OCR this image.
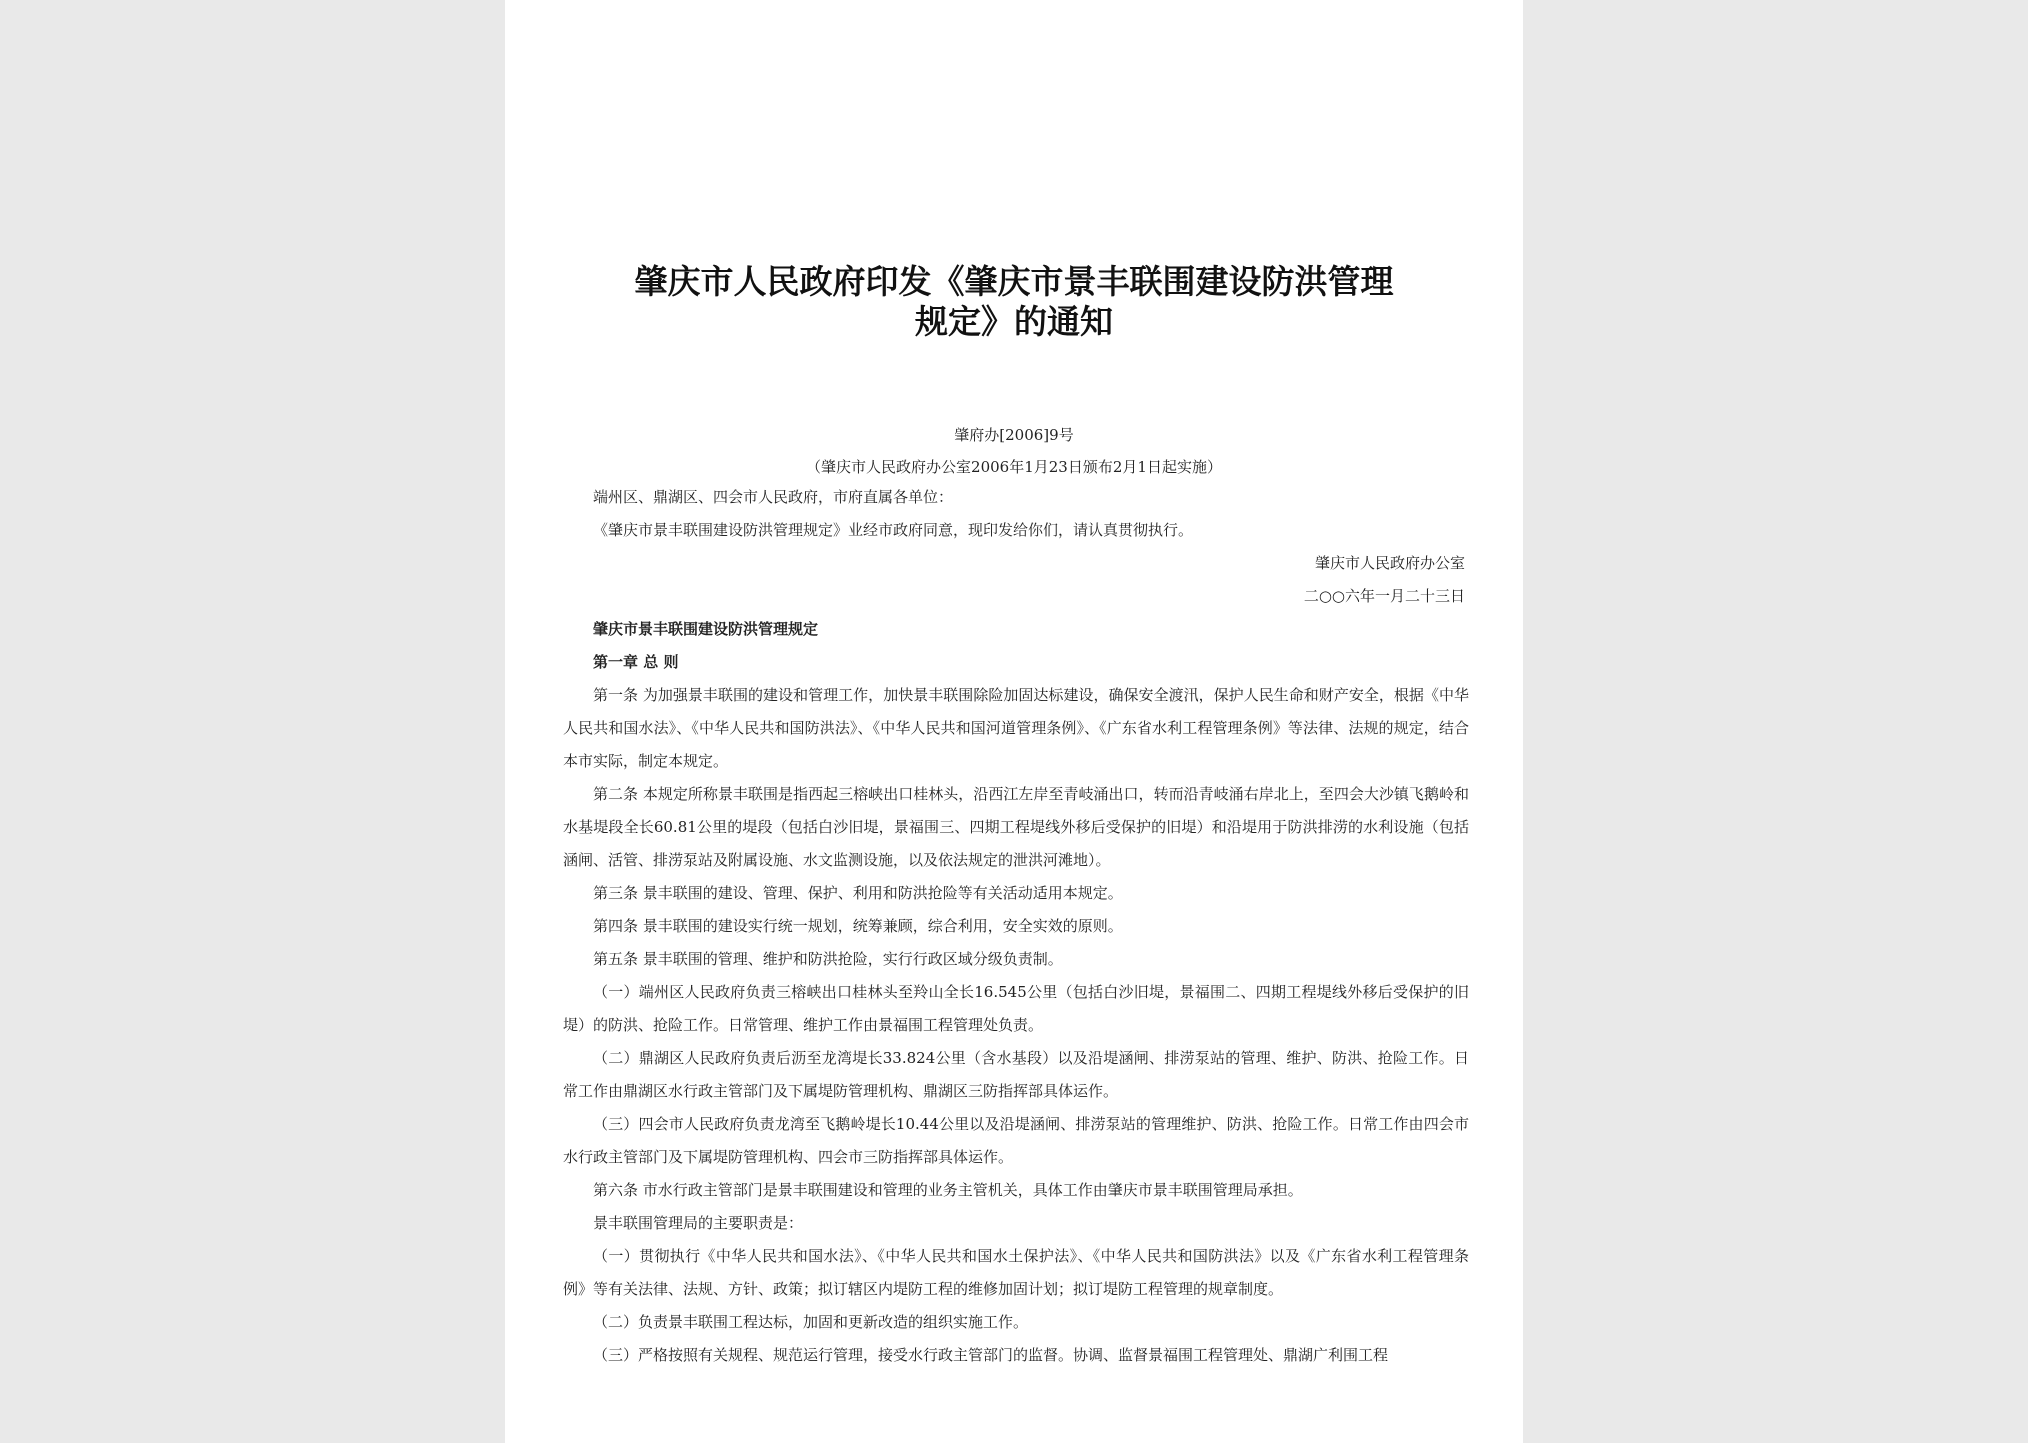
肇庆市人民政府印发《肇庆市景丰联围建设防洪管理
规定》的通知
肇府办[2006]9号
（肇庆市人民政府办公室2006年1月23日颁布2月1日起实施）

端州区、鼎湖区、四会市人民政府，市府直属各单位：

《肇庆市景丰联围建设防洪管理规定》业经市政府同意，现印发给你们，请认真贯彻执行。

肇庆市人民政府办公室

二○○六年一月二十三日

肇庆市景丰联围建设防洪管理规定

第一章 总 则

第一条 为加强景丰联围的建设和管理工作，加快景丰联围除险加固达标建设，确保安全渡汛，保护人民生命和财产安全，根据《中华人民共和国水法》、《中华人民共和国防洪法》、《中华人民共和国河道管理条例》、《广东省水利工程管理条例》等法律、法规的规定，结合本市实际，制定本规定。

第二条 本规定所称景丰联围是指西起三榕峡出口桂林头，沿西江左岸至青岐涌出口，转而沿青岐涌右岸北上，至四会大沙镇飞鹅岭和水基堤段全长60.81公里的堤段（包括白沙旧堤，景福围三、四期工程堤线外移后受保护的旧堤）和沿堤用于防洪排涝的水利设施（包括涵闸、活管、排涝泵站及附属设施、水文监测设施，以及依法规定的泄洪河滩地）。

第三条 景丰联围的建设、管理、保护、利用和防洪抢险等有关活动适用本规定。

第四条 景丰联围的建设实行统一规划，统筹兼顾，综合利用，安全实效的原则。

第五条 景丰联围的管理、维护和防洪抢险，实行行政区域分级负责制。

（一）端州区人民政府负责三榕峡出口桂林头至羚山全长16.545公里（包括白沙旧堤，景福围二、四期工程堤线外移后受保护的旧堤）的防洪、抢险工作。日常管理、维护工作由景福围工程管理处负责。

（二）鼎湖区人民政府负责后沥至龙湾堤长33.824公里（含水基段）以及沿堤涵闸、排涝泵站的管理、维护、防洪、抢险工作。日常工作由鼎湖区水行政主管部门及下属堤防管理机构、鼎湖区三防指挥部具体运作。

（三）四会市人民政府负责龙湾至飞鹅岭堤长10.44公里以及沿堤涵闸、排涝泵站的管理维护、防洪、抢险工作。日常工作由四会市水行政主管部门及下属堤防管理机构、四会市三防指挥部具体运作。

第六条 市水行政主管部门是景丰联围建设和管理的业务主管机关，具体工作由肇庆市景丰联围管理局承担。

景丰联围管理局的主要职责是：

（一）贯彻执行《中华人民共和国水法》、《中华人民共和国水土保护法》、《中华人民共和国防洪法》以及《广东省水利工程管理条例》等有关法律、法规、方针、政策；拟订辖区内堤防工程的维修加固计划；拟订堤防工程管理的规章制度。

（二）负责景丰联围工程达标，加固和更新改造的组织实施工作。

（三）严格按照有关规程、规范运行管理，接受水行政主管部门的监督。协调、监督景福围工程管理处、鼎湖广利围工程
